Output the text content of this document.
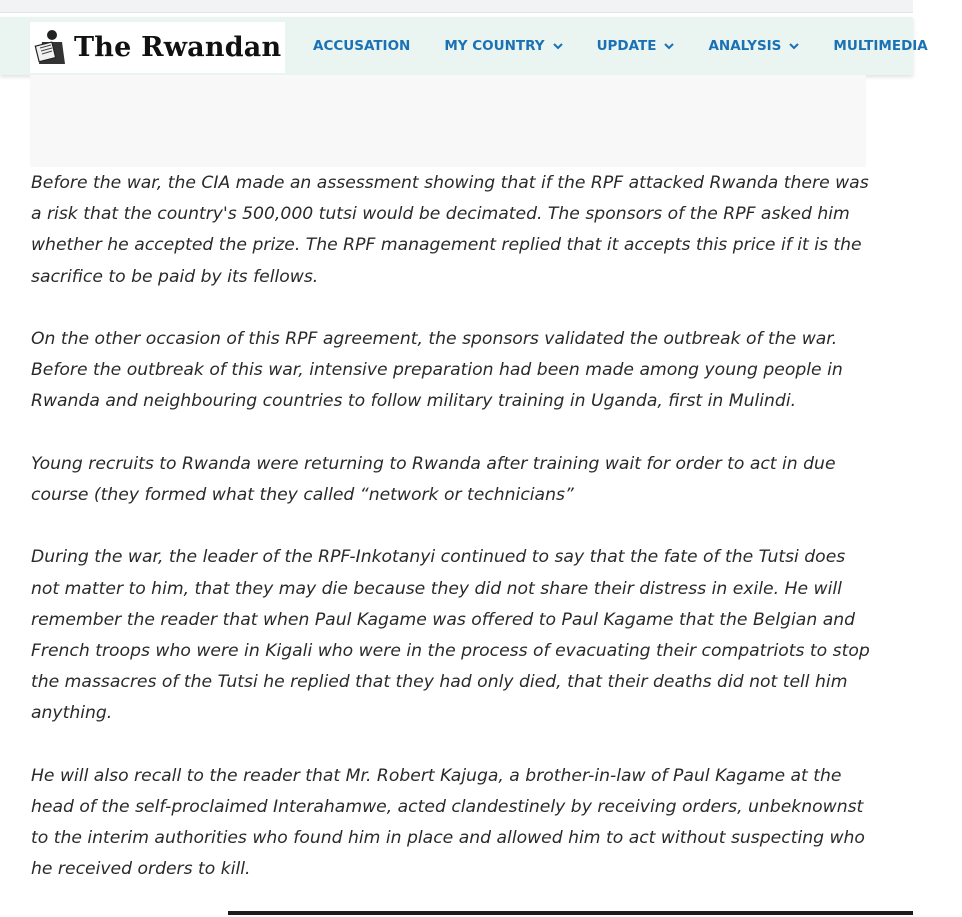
The Rwandan ACCUSATION	MY COUNTRY	UPDATE	ANALYSIS	MULTIMEDIA

Before the war, the CIA made an assessment showing that if the RPF attacked Rwanda there was a risk that the country's 500,000 tutsi would be decimated. The sponsors of the RPF asked him whether he accepted the prize. The RPF management replied that it accepts this price if it is the sacrifice to be paid by its fellows.

On the other occasion of this RPF agreement, the sponsors validated the outbreak of the war. Before the outbreak of this war, intensive preparation had been made among young people in Rwanda and neighbouring countries to follow military training in Uganda, first in Mulindi.

Young recruits to Rwanda were returning to Rwanda after training wait for order to act in due course (they formed what they called “network or technicians”

During the war, the leader of the RPF-Inkotanyi continued to say that the fate of the Tutsi does not matter to him, that they may die because they did not share their distress in exile. He will remember the reader that when Paul Kagame was offered to Paul Kagame that the Belgian and French troops who were in Kigali who were in the process of evacuating their compatriots to stop the massacres of the Tutsi he replied that they had only died, that their deaths did not tell him anything.

He will also recall to the reader that Mr. Robert Kajuga, a brother-in-law of Paul Kagame at the head of the self-proclaimed Interahamwe, acted clandestinely by receiving orders, unbeknownst to the interim authorities who found him in place and allowed him to act without suspecting who he received orders to kill.
